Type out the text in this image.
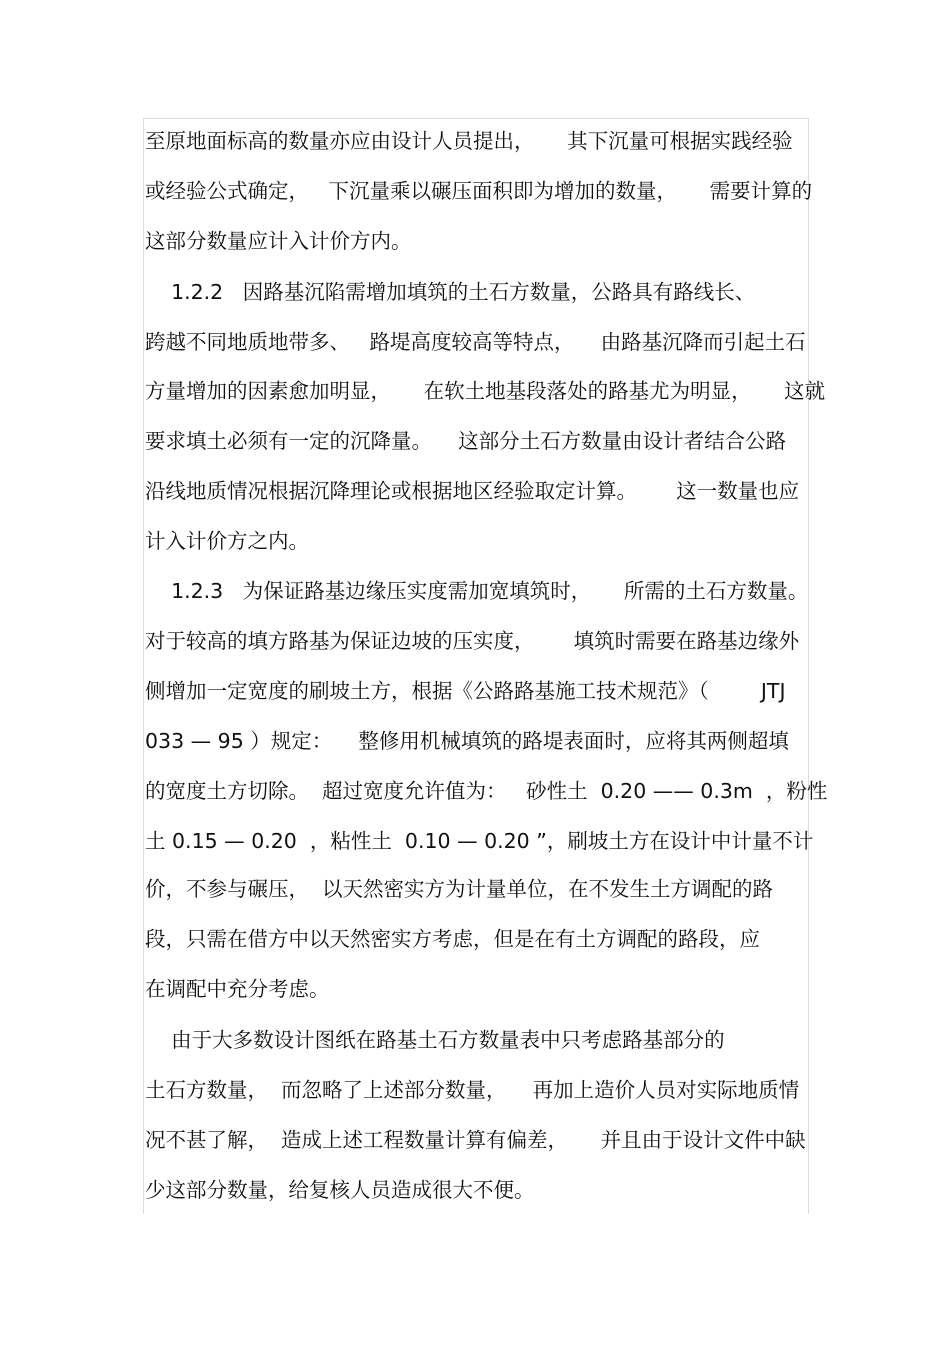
至原地面标高的数量亦应由设计人员提出，     其下沉量可根据实践经验
或经验公式确定，   下沉量乘以碾压面积即为增加的数量，     需要计算的
这部分数量应计入计价方内。
1.2.2   因路基沉陷需增加填筑的土石方数量，公路具有路线长、
跨越不同地质地带多、   路堤高度较高等特点，    由路基沉降而引起土石
方量增加的因素愈加明显，     在软土地基段落处的路基尤为明显，     这就
要求填土必须有一定的沉降量。    这部分土石方数量由设计者结合公路
沿线地质情况根据沉降理论或根据地区经验取定计算。      这一数量也应
计入计价方之内。
1.2.3   为保证路基边缘压实度需加宽填筑时，     所需的土石方数量。
对于较高的填方路基为保证边坡的压实度，      填筑时需要在路基边缘外
侧增加一定宽度的刷坡土方，根据《公路路基施工技术规范》（        JTJ
033 — 95 ）规定：    整修用机械填筑的路堤表面时，应将其两侧超填
的宽度土方切除。  超过宽度允许值为：   砂性土  0.20 —— 0.3m  ，粉性
土 0.15 — 0.20  ，粘性土  0.10 — 0.20 ”，刷坡土方在设计中计量不计
价，不参与碾压，  以天然密实方为计量单位，在不发生土方调配的路
段，只需在借方中以天然密实方考虑，但是在有土方调配的路段，应
在调配中充分考虑。
由于大多数设计图纸在路基土石方数量表中只考虑路基部分的
土石方数量，  而忽略了上述部分数量，    再加上造价人员对实际地质情
况不甚了解，  造成上述工程数量计算有偏差，     并且由于设计文件中缺
少这部分数量，给复核人员造成很大不便。
